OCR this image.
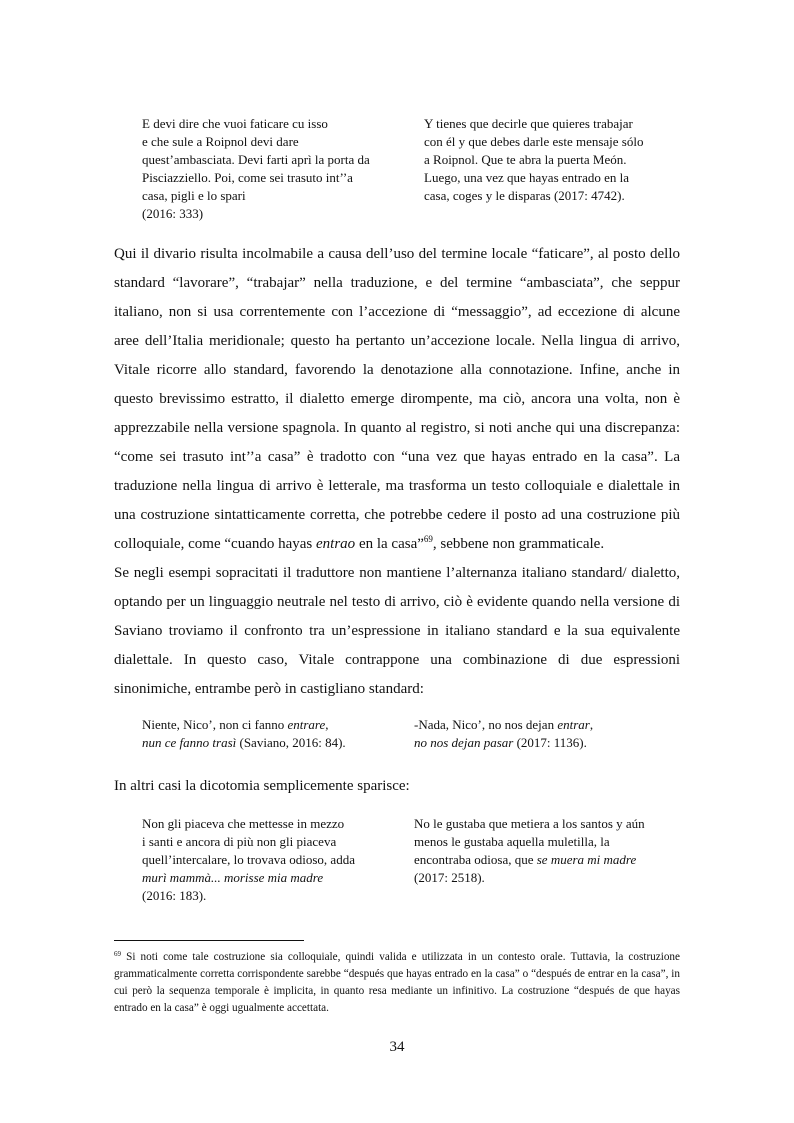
E devi dire che vuoi faticare cu isso
e che sule a Roipnol devi dare
quest’ambasciata. Devi farti aprì la porta da
Pisciazziello. Poi, come sei trasuto int’’a
casa, pigli e lo spari
(2016: 333)
Y tienes que decirle que quieres trabajar
con él y que debes darle este mensaje sólo
a Roipnol. Que te abra la puerta Meón.
Luego, una vez que hayas entrado en la
casa, coges y le disparas (2017: 4742).

Qui il divario risulta incolmabile a causa dell’uso del termine locale “faticare”, al posto dello standard “lavorare”, “trabajar” nella traduzione, e del termine “ambasciata”, che seppur italiano, non si usa correntemente con l’accezione di “messaggio”, ad eccezione di alcune aree dell’Italia meridionale; questo ha pertanto un’accezione locale. Nella lingua di arrivo, Vitale ricorre allo standard, favorendo la denotazione alla connotazione. Infine, anche in questo brevissimo estratto, il dialetto emerge dirompente, ma ciò, ancora una volta, non è apprezzabile nella versione spagnola. In quanto al registro, si noti anche qui una discrepanza: “come sei trasuto int’’a casa” è tradotto con “una vez que hayas entrado en la casa”. La traduzione nella lingua di arrivo è letterale, ma trasforma un testo colloquiale e dialettale in una costruzione sintatticamente corretta, che potrebbe cedere il posto ad una costruzione più colloquiale, come “cuando hayas entrao en la casa”$^{69}$, sebbene non grammaticale.

Se negli esempi sopracitati il traduttore non mantiene l’alternanza italiano standard/ dialetto, optando per un linguaggio neutrale nel testo di arrivo, ciò è evidente quando nella versione di Saviano troviamo il confronto tra un’espressione in italiano standard e la sua equivalente dialettale. In questo caso, Vitale contrappone una combinazione di due espressioni sinonimiche, entrambe però in castigliano standard:

Niente, Nico’, non ci fanno entrare,
nun ce fanno trasì (Saviano, 2016: 84).
-Nada, Nico’, no nos dejan entrar,
no nos dejan pasar (2017: 1136).

In altri casi la dicotomia semplicemente sparisce:

Non gli piaceva che mettesse in mezzo
i santi e ancora di più non gli piaceva
quell’intercalare, lo trovava odioso, adda
murì mammà... morisse mia madre
(2016: 183).
No le gustaba que metiera a los santos y aún
menos le gustaba aquella muletilla, la
encontraba odiosa, que se muera mi madre
(2017: 2518).
$^{69}$ Si noti come tale costruzione sia colloquiale, quindi valida e utilizzata in un contesto orale. Tuttavia, la costruzione grammaticalmente corretta corrispondente sarebbe “después que hayas entrado en la casa” o “después de entrar en la casa”, in cui però la sequenza temporale è implicita, in quanto resa mediante un infinitivo. La costruzione “después de que hayas entrado en la casa” è oggi ugualmente accettata.
34
